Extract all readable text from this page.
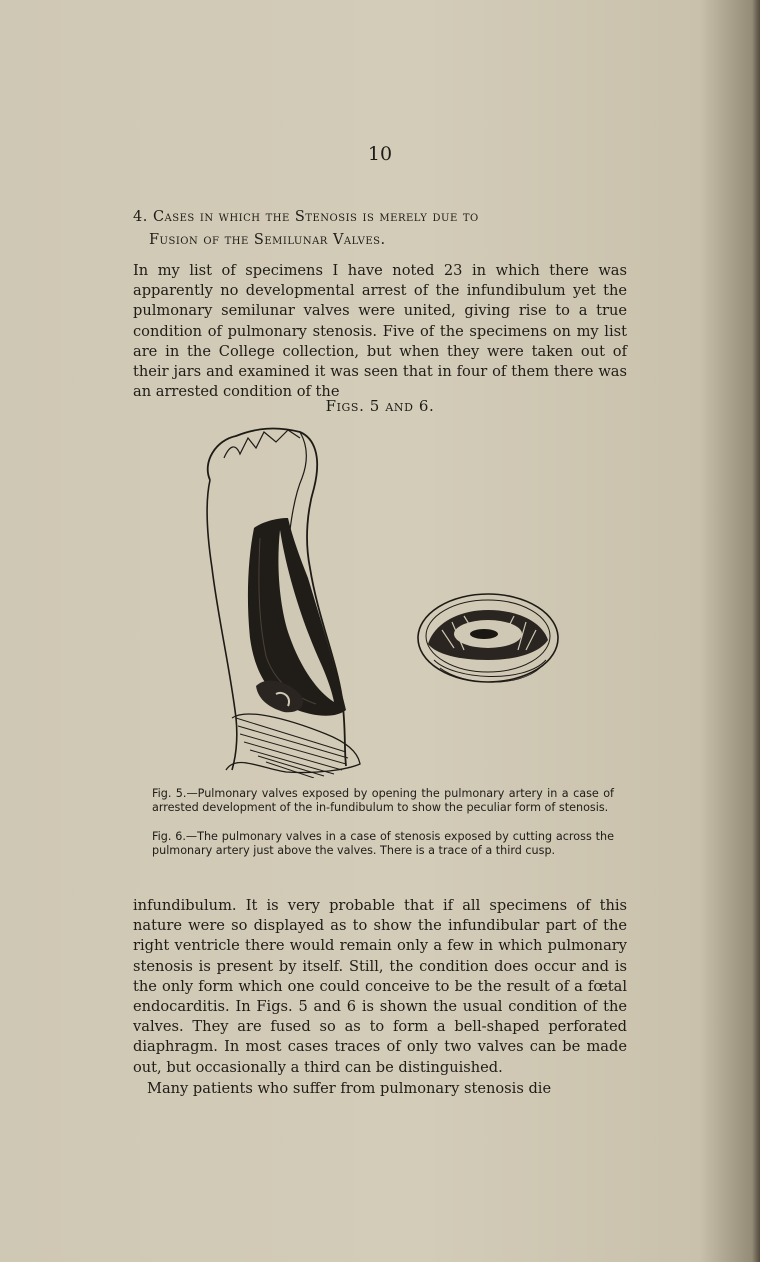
10
4. Cases in which the Stenosis is merely due to
Fusion of the Semilunar Valves.

In my list of specimens I have noted 23 in which there was apparently no developmental arrest of the infundibulum yet the pulmonary semilunar valves were united, giving rise to a true condition of pulmonary stenosis. Five of the specimens on my list are in the College collection, but when they were taken out of their jars and examined it was seen that in four of them there was an arrested condition of the

Figs. 5 and 6.

Fig. 5.—Pulmonary valves exposed by opening the pulmonary artery in a case of arrested development of the in-fundibulum to show the peculiar form of stenosis.

Fig. 6.—The pulmonary valves in a case of stenosis exposed by cutting across the pulmonary artery just above the valves. There is a trace of a third cusp.

infundibulum. It is very probable that if all specimens of this nature were so displayed as to show the infundibular part of the right ventricle there would remain only a few in which pulmonary stenosis is present by itself. Still, the condition does occur and is the only form which one could conceive to be the result of a fœtal endocarditis. In Figs. 5 and 6 is shown the usual condition of the valves. They are fused so as to form a bell-shaped perforated diaphragm. In most cases traces of only two valves can be made out, but occasionally a third can be distinguished.

Many patients who suffer from pulmonary stenosis die
